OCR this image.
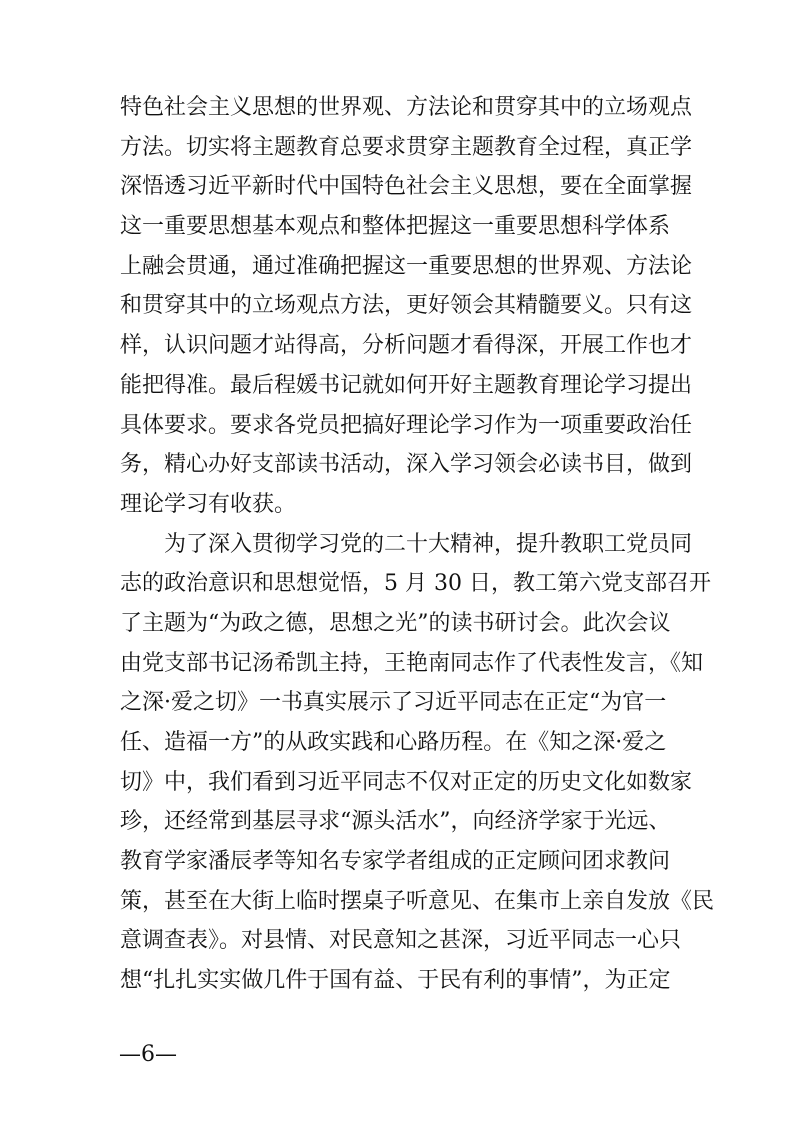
特色社会主义思想的世界观、方法论和贯穿其中的立场观点
方法。切实将主题教育总要求贯穿主题教育全过程，真正学
深悟透习近平新时代中国特色社会主义思想，要在全面掌握
这一重要思想基本观点和整体把握这一重要思想科学体系
上融会贯通，通过准确把握这一重要思想的世界观、方法论
和贯穿其中的立场观点方法，更好领会其精髓要义。只有这
样，认识问题才站得高，分析问题才看得深，开展工作也才
能把得准。最后程媛书记就如何开好主题教育理论学习提出
具体要求。要求各党员把搞好理论学习作为一项重要政治任
务，精心办好支部读书活动，深入学习领会必读书目，做到
理论学习有收获。
　　为了深入贯彻学习党的二十大精神，提升教职工党员同
志的政治意识和思想觉悟，5 月 30 日，教工第六党支部召开
了主题为“为政之德，思想之光”的读书研讨会。此次会议
由党支部书记汤希凯主持，王艳南同志作了代表性发言，《知
之深·爱之切》一书真实展示了习近平同志在正定“为官一
任、造福一方”的从政实践和心路历程。在《知之深·爱之
切》中，我们看到习近平同志不仅对正定的历史文化如数家
珍，还经常到基层寻求“源头活水”，向经济学家于光远、
教育学家潘辰孝等知名专家学者组成的正定顾问团求教问
策，甚至在大街上临时摆桌子听意见、在集市上亲自发放《民
意调查表》。对县情、对民意知之甚深，习近平同志一心只
想“扎扎实实做几件于国有益、于民有利的事情”，为正定
—6—
